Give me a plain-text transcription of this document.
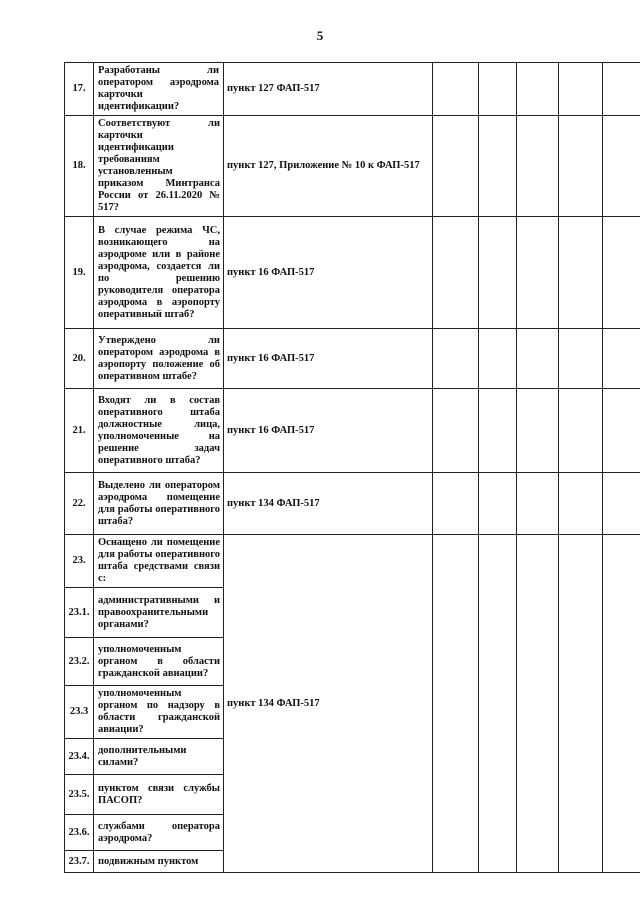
5
17.	Разработаны ли оператором аэродрома карточки идентификации?	пункт 127 ФАП-517					
18.	Соответствуют ли карточки идентификации требованиям установленным приказом Минтранса России от 26.11.2020 № 517?	пункт 127, Приложение № 10 к ФАП-517					
19.	В случае режима ЧС, возникающего на аэродроме или в районе аэродрома, создается ли по решению руководителя оператора аэродрома в аэропорту оперативный штаб?	пункт 16 ФАП-517					
20.	Утверждено ли оператором аэродрома в аэропорту положение об оперативном штабе?	пункт 16 ФАП-517					
21.	Входят ли в состав оперативного штаба должностные лица, уполномоченные на решение задач оперативного штаба?	пункт 16 ФАП-517					
22.	Выделено ли оператором аэродрома помещение для работы оперативного штаба?	пункт 134 ФАП-517					
23.	Оснащено ли помещение для работы оперативного штаба средствами связи с:	пункт 134 ФАП-517					
23.1.	административными и правоохранительными органами?						

23.2.	уполномоченным органом в области гражданской авиации?						

23.3	уполномоченным органом по надзору в области гражданской авиации?						

23.4.	дополнительными силами?						

23.5.	пунктом связи службы ПАСОП?						

23.6.	службами оператора аэродрома?						

23.7.	подвижным пунктом						
